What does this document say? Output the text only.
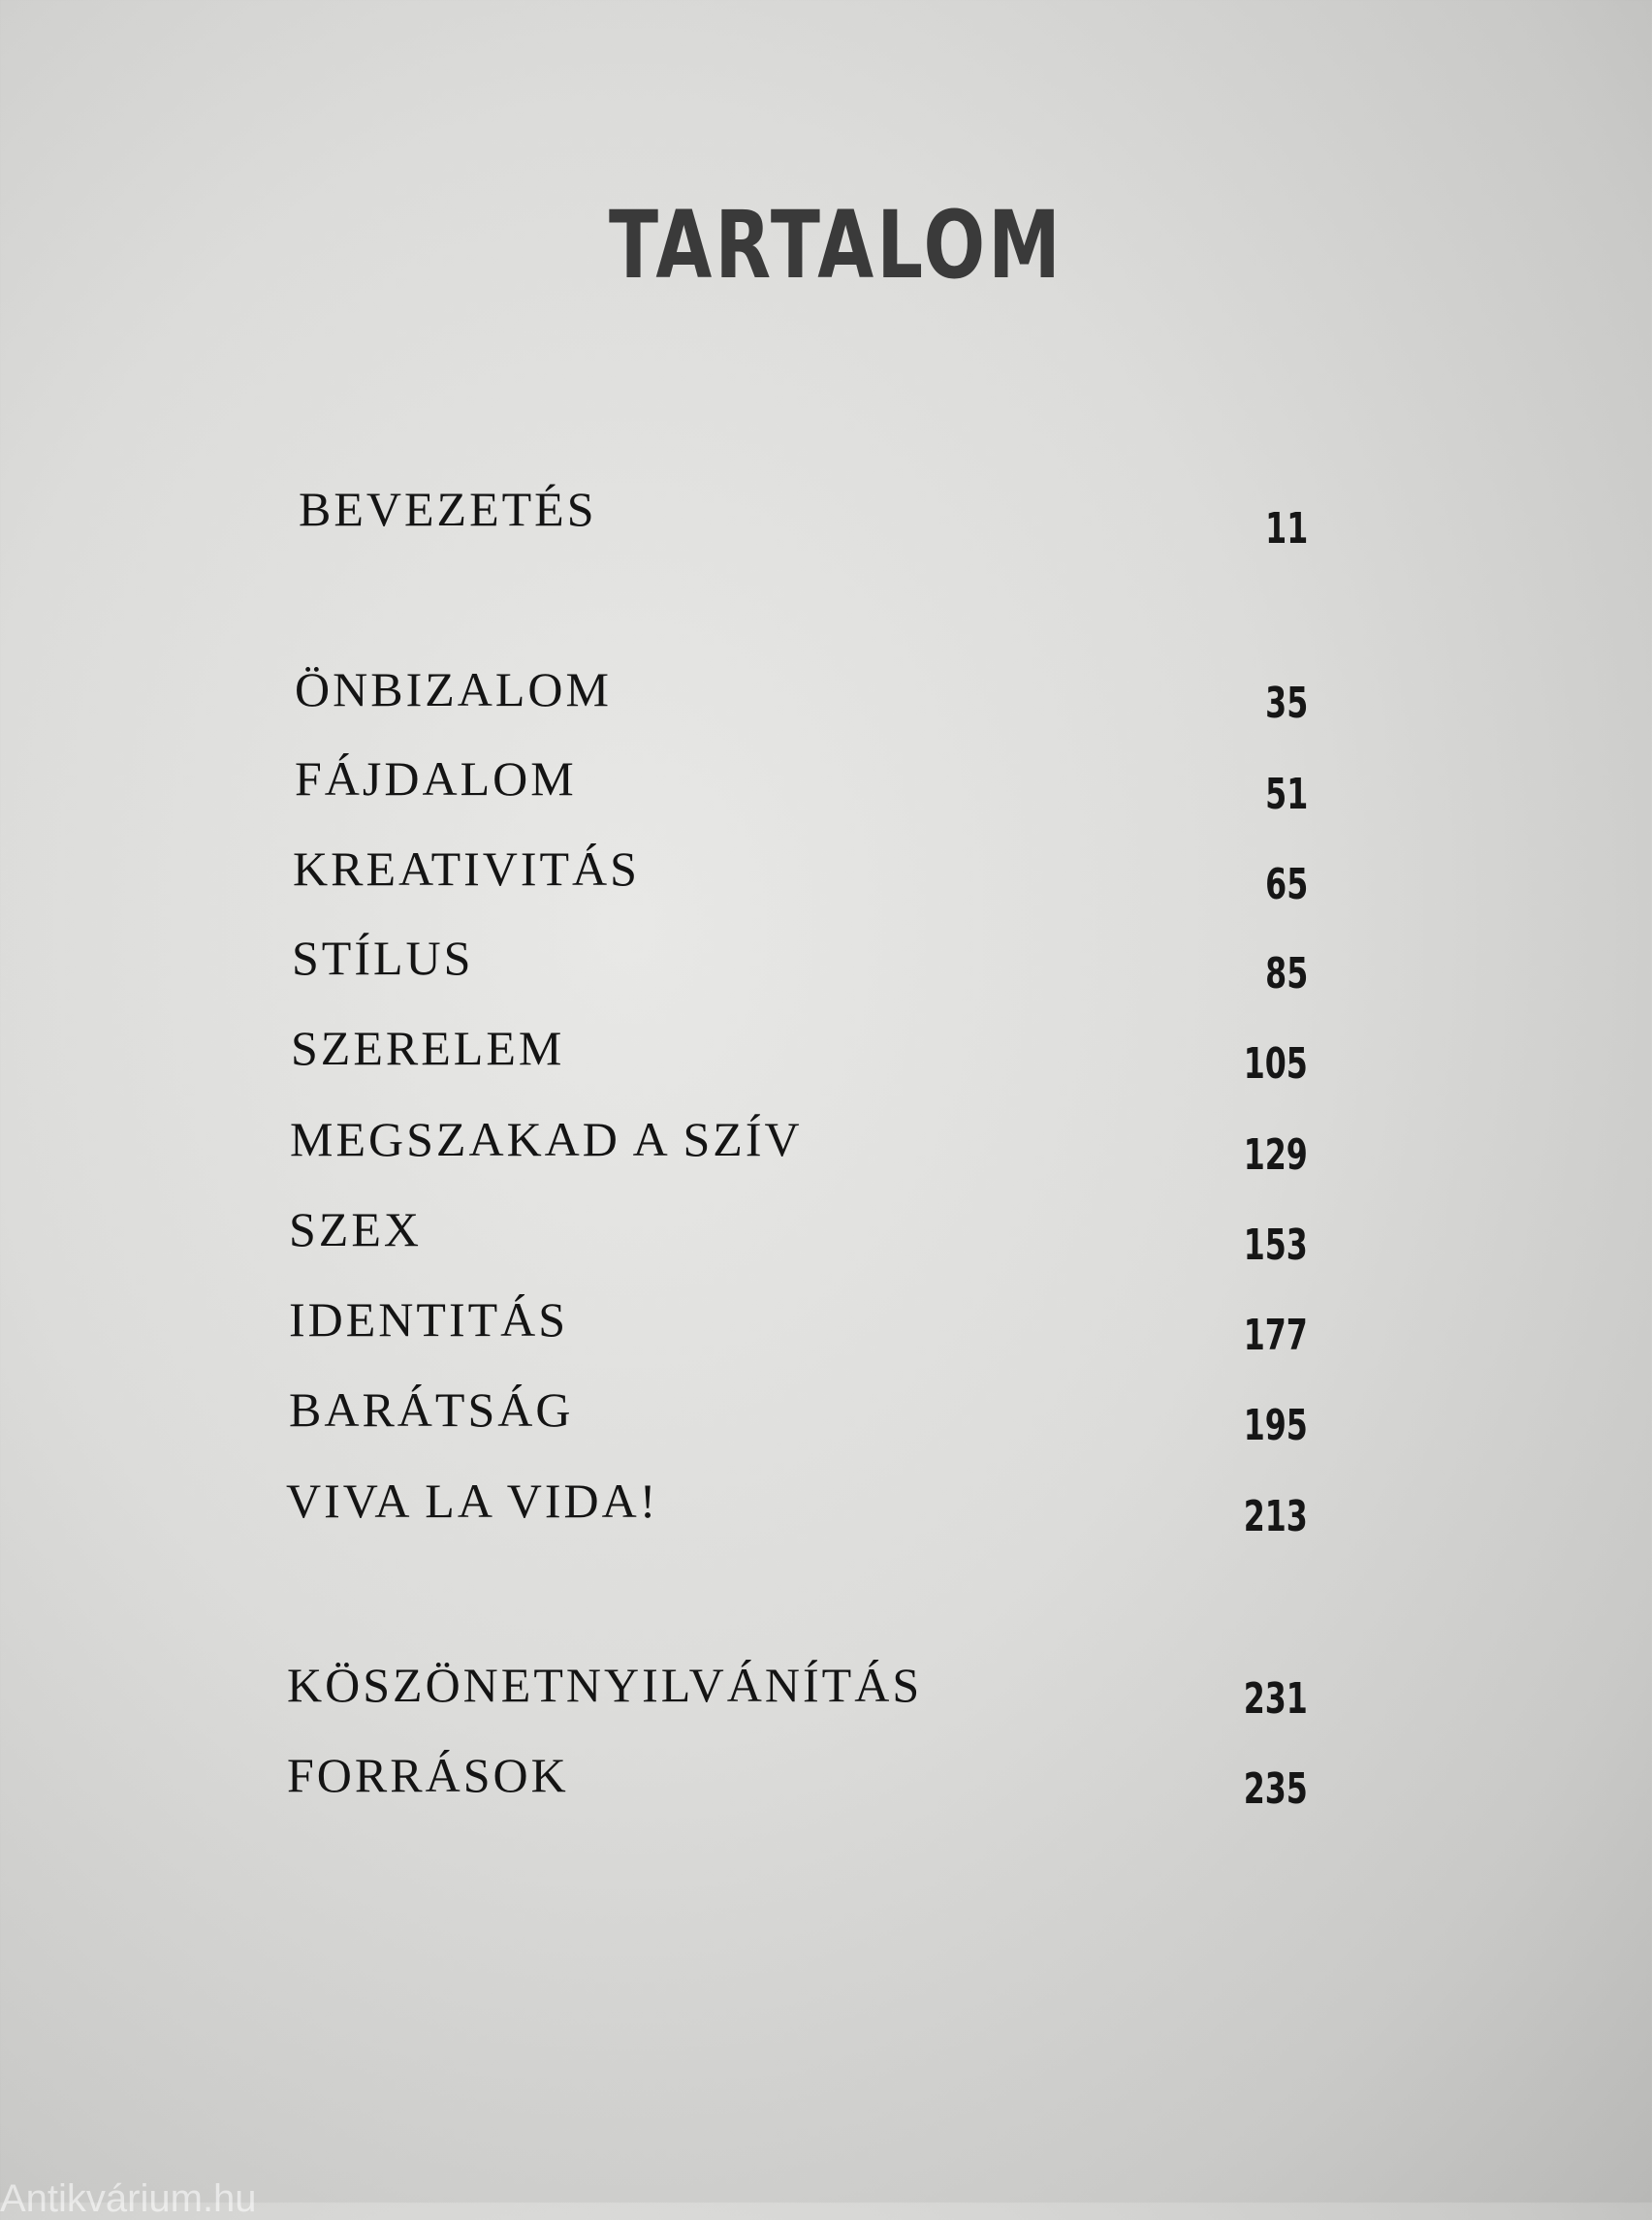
TARTALOM
BEVEZETÉS	11
ÖNBIZALOM	35
FÁJDALOM	51
KREATIVITÁS	65
STÍLUS	85
SZERELEM	105
MEGSZAKAD A SZÍV	129
SZEX	153
IDENTITÁS	177
BARÁTSÁG	195
VIVA LA VIDA!	213
KÖSZÖNETNYILVÁNÍTÁS	231
FORRÁSOK	235
Antikvárium.hu
